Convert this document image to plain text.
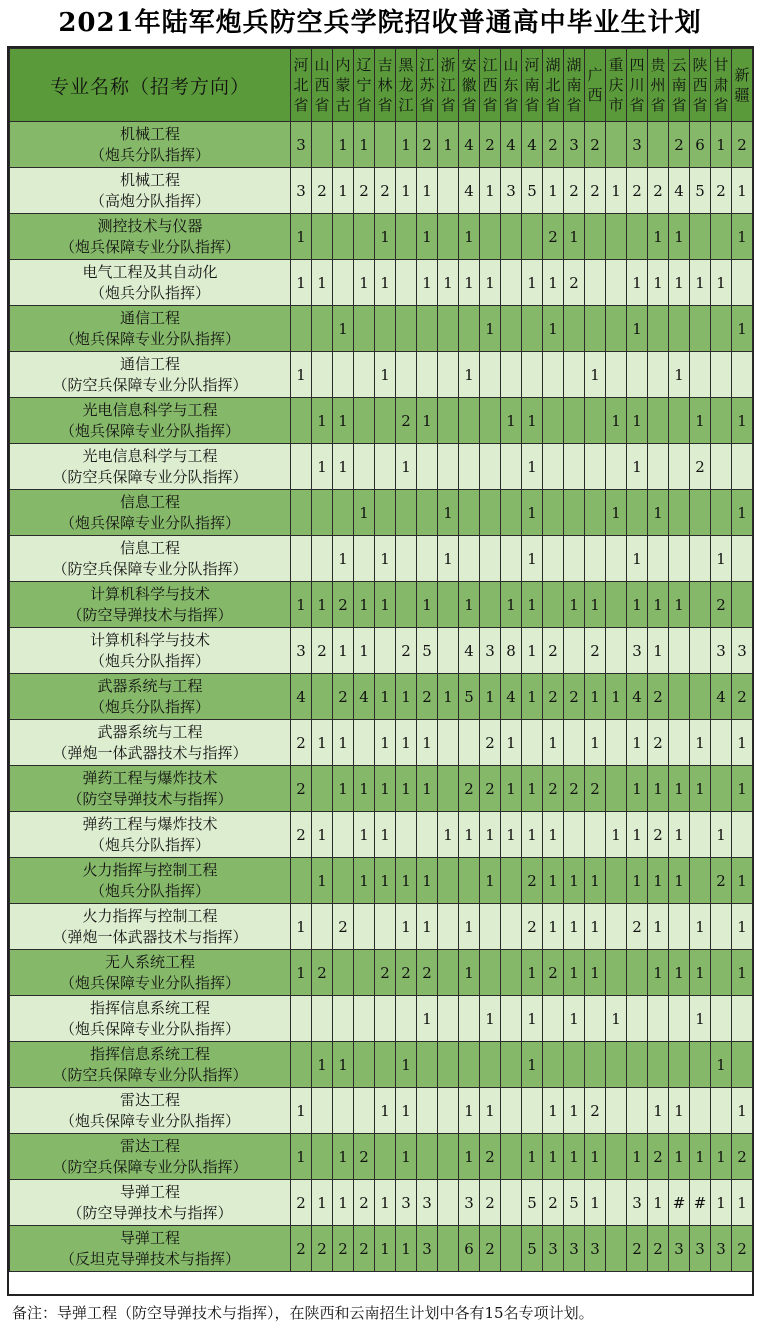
2021年陆军炮兵防空兵学院招收普通高中毕业生计划
专业名称（招考方向）	河
北
省	山
西
省	内
蒙
古	辽
宁
省	吉
林
省	黑
龙
江	江
苏
省	浙
江
省	安
徽
省	江
西
省	山
东
省	河
南
省	湖
北
省	湖
南
省	广
西	重
庆
市	四
川
省	贵
州
省	云
南
省	陕
西
省	甘
肃
省	新
疆

机械工程
（炮兵分队指挥）	3		1	1		1	2	1	4	2	4	4	2	3	2		3		2	6	1	2

机械工程
（高炮分队指挥）	3	2	1	2	2	1	1		4	1	3	5	1	2	2	1	2	2	4	5	2	1

测控技术与仪器
（炮兵保障专业分队指挥）	1				1		1		1				2	1				1	1			1

电气工程及其自动化
（炮兵分队指挥）	1	1		1	1		1	1	1	1		1	1	2			1	1	1	1	1	

通信工程
（炮兵保障专业分队指挥）			1							1			1				1					1

通信工程
（防空兵保障专业分队指挥）	1				1				1						1				1			

光电信息科学与工程
（炮兵保障专业分队指挥）		1	1			2	1				1	1				1	1			1		1

光电信息科学与工程
（防空兵保障专业分队指挥）		1	1			1						1					1			2		

信息工程
（炮兵保障专业分队指挥）				1				1				1				1		1				1

信息工程
（防空兵保障专业分队指挥）			1		1			1				1					1				1	

计算机科学与技术
（防空导弹技术与指挥）	1	1	2	1	1		1		1		1	1		1	1		1	1	1		2	

计算机科学与技术
（炮兵分队指挥）	3	2	1	1		2	5		4	3	8	1	2		2		3	1			3	3

武器系统与工程
（炮兵分队指挥）	4		2	4	1	1	2	1	5	1	4	1	2	2	1	1	4	2			4	2

武器系统与工程
（弹炮一体武器技术与指挥）	2	1	1		1	1	1			2	1		1		1		1	2		1		1

弹药工程与爆炸技术
（防空导弹技术与指挥）	2		1	1	1	1	1		2	2	1	1	2	2	2		1	1	1	1		1

弹药工程与爆炸技术
（炮兵分队指挥）	2	1		1	1			1	1	1	1	1	1			1	1	2	1		1	

火力指挥与控制工程
（炮兵分队指挥）		1		1	1	1	1			1		2	1	1	1		1	1	1		2	1

火力指挥与控制工程
（弹炮一体武器技术与指挥）	1		2			1	1		1			2	1	1	1		2	1		1		1

无人系统工程
（炮兵保障专业分队指挥）	1	2			2	2	2		1			1	2	1	1			1	1	1		1

指挥信息系统工程
（炮兵保障专业分队指挥）							1			1		1		1		1				1		

指挥信息系统工程
（防空兵保障专业分队指挥）		1	1			1						1									1	

雷达工程
（炮兵保障专业分队指挥）	1				1	1			1	1			1	1	2			1	1			1

雷达工程
（防空兵保障专业分队指挥）	1		1	2		1			1	2		1	1	1	1		1	2	1	1	1	2

导弹工程
（防空导弹技术与指挥）	2	1	1	2	1	3	3		3	2		5	2	5	1		3	1	#	#	1	1

导弹工程
（反坦克导弹技术与指挥）	2	2	2	2	1	1	3		6	2		5	3	3	3		2	2	3	3	3	2
备注：导弹工程（防空导弹技术与指挥），在陕西和云南招生计划中各有15名专项计划。
